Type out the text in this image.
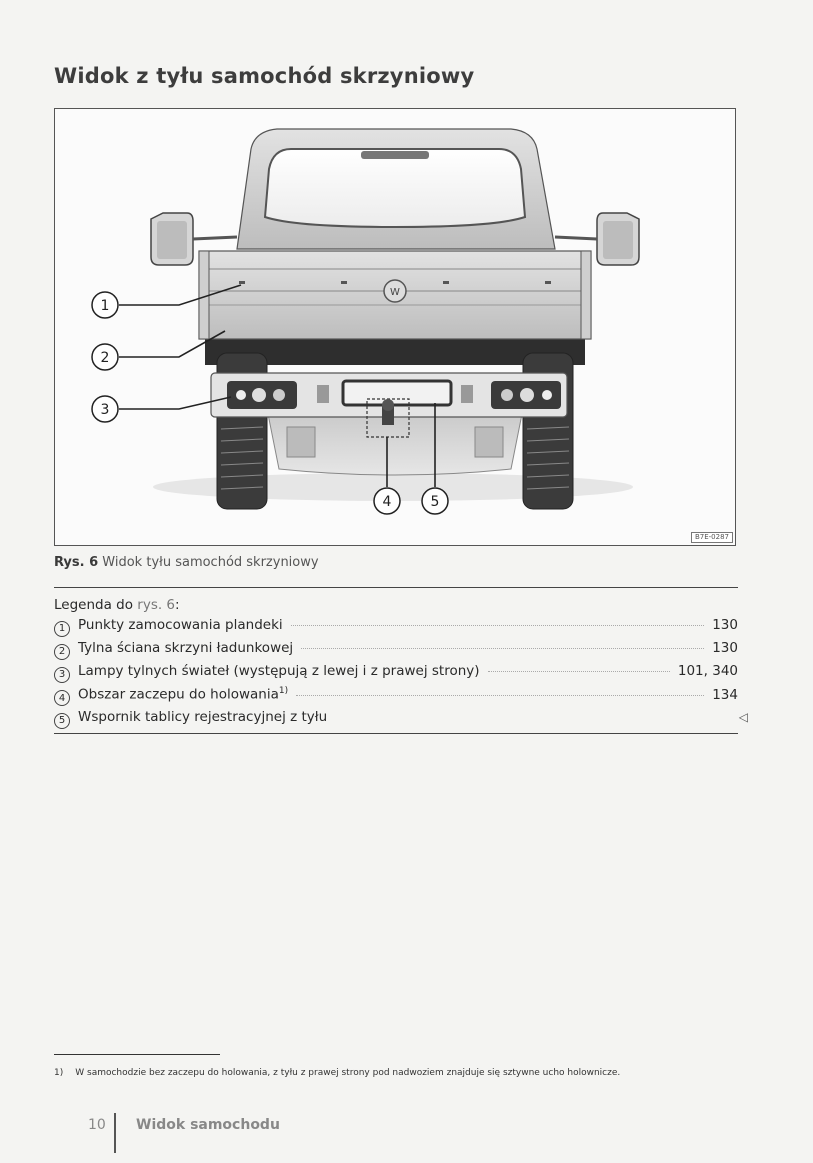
Widok z tyłu samochód skrzyniowy
W
1
2
3
4	5
B7E-0287
Rys. 6 Widok tyłu samochód skrzyniowy
Legenda do rys. 6:
1 Punkty zamocowania plandeki	130
2 Tylna ściana skrzyni ładunkowej	130
3 Lampy tylnych świateł (występują z lewej i z prawej strony)	101, 340
4 Obszar zaczepu do holowania$^{1)}$	134
5 Wspornik tablicy rejestracyjnej z tyłu	◁
1) W samochodzie bez zaczepu do holowania, z tyłu z prawej strony pod nadwoziem znajduje się sztywne ucho holownicze.
10 Widok samochodu
